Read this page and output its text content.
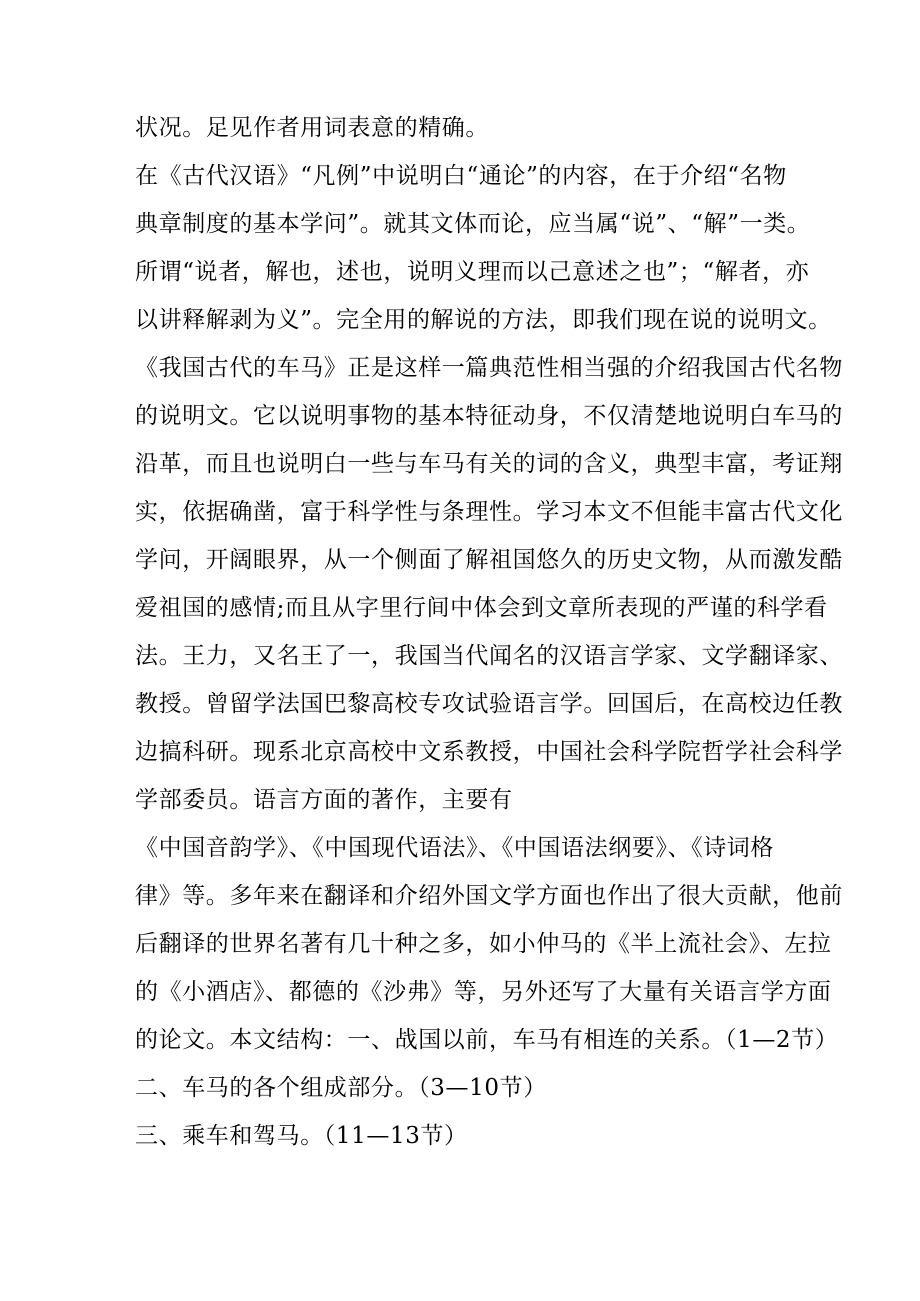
状况。足见作者用词表意的精确。
在《古代汉语》“凡例”中说明白“通论”的内容，在于介绍“名物
典章制度的基本学问”。就其文体而论，应当属“说”、“解”一类。
所谓“说者，解也，述也，说明义理而以己意述之也”；“解者，亦
以讲释解剥为义”。完全用的解说的方法，即我们现在说的说明文。
《我国古代的车马》正是这样一篇典范性相当强的介绍我国古代名物
的说明文。它以说明事物的基本特征动身，不仅清楚地说明白车马的
沿革，而且也说明白一些与车马有关的词的含义，典型丰富，考证翔
实，依据确凿，富于科学性与条理性。学习本文不但能丰富古代文化
学问，开阔眼界，从一个侧面了解祖国悠久的历史文物，从而激发酷
爱祖国的感情;而且从字里行间中体会到文章所表现的严谨的科学看
法。王力，又名王了一，我国当代闻名的汉语言学家、文学翻译家、
教授。曾留学法国巴黎高校专攻试验语言学。回国后，在高校边任教
边搞科研。现系北京高校中文系教授，中国社会科学院哲学社会科学
学部委员。语言方面的著作，主要有
《中国音韵学》、《中国现代语法》、《中国语法纲要》、《诗词格
律》等。多年来在翻译和介绍外国文学方面也作出了很大贡献，他前
后翻译的世界名著有几十种之多，如小仲马的《半上流社会》、左拉
的《小酒店》、都德的《沙弗》等，另外还写了大量有关语言学方面
的论文。本文结构：一、战国以前，车马有相连的关系。（1—2节）
二、车马的各个组成部分。（3—10节）
三、乘车和驾马。（11—13节）
